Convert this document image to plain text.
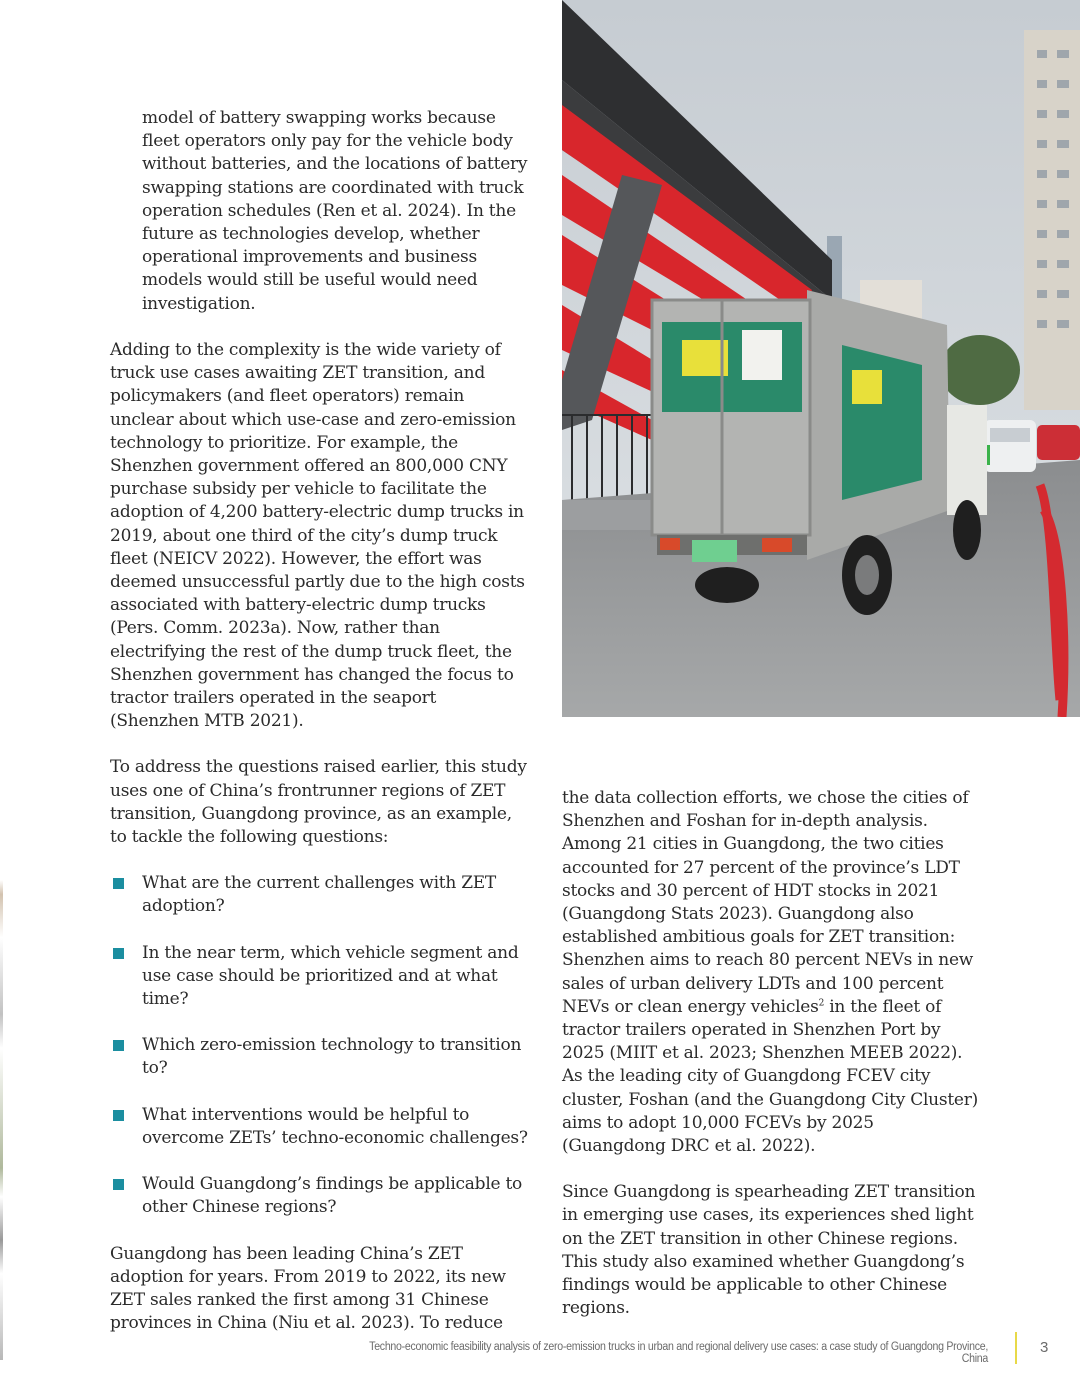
model of battery swapping works because fleet operators only pay for the vehicle body without batteries, and the locations of battery swapping stations are coordinated with truck operation schedules (Ren et al. 2024). In the future as technologies develop, whether operational improvements and business models would still be useful would need investigation.

Adding to the complexity is the wide variety of truck use cases awaiting ZET transition, and policymakers (and fleet operators) remain unclear about which use-case and zero-emission technology to prioritize. For example, the Shenzhen government offered an 800,000 CNY purchase subsidy per vehicle to facilitate the adoption of 4,200 battery-electric dump trucks in 2019, about one third of the city’s dump truck fleet (NEICV 2022). However, the effort was deemed unsuccessful partly due to the high costs associated with battery-electric dump trucks (Pers. Comm. 2023a). Now, rather than electrifying the rest of the dump truck fleet, the Shenzhen government has changed the focus to tractor trailers operated in the seaport (Shenzhen MTB 2021).

To address the questions raised earlier, this study uses one of China’s frontrunner regions of ZET transition, Guangdong province, as an example, to tackle the following questions:

What are the current challenges with ZET adoption?
In the near term, which vehicle segment and use case should be prioritized and at what time?
Which zero-emission technology to transition to?
What interventions would be helpful to overcome ZETs’ techno-economic challenges?
Would Guangdong’s findings be applicable to other Chinese regions?

Guangdong has been leading China’s ZET adoption for years. From 2019 to 2022, its new ZET sales ranked the first among 31 Chinese provinces in China (Niu et al. 2023). To reduce

the data collection efforts, we chose the cities of Shenzhen and Foshan for in-depth analysis. Among 21 cities in Guangdong, the two cities accounted for 27 percent of the province’s LDT stocks and 30 percent of HDT stocks in 2021 (Guangdong Stats 2023). Guangdong also established ambitious goals for ZET transition: Shenzhen aims to reach 80 percent NEVs in new sales of urban delivery LDTs and 100 percent NEVs or clean energy vehicles$^2$ in the fleet of tractor trailers operated in Shenzhen Port by 2025 (MIIT et al. 2023; Shenzhen MEEB 2022). As the leading city of Guangdong FCEV city cluster, Foshan (and the Guangdong City Cluster) aims to adopt 10,000 FCEVs by 2025 (Guangdong DRC et al. 2022).

Since Guangdong is spearheading ZET transition in emerging use cases, its experiences shed light on the ZET transition in other Chinese regions. This study also examined whether Guangdong’s findings would be applicable to other Chinese regions.

Techno-economic feasibility analysis of zero-emission trucks in urban and regional delivery use cases: a case study of Guangdong Province, China
3
